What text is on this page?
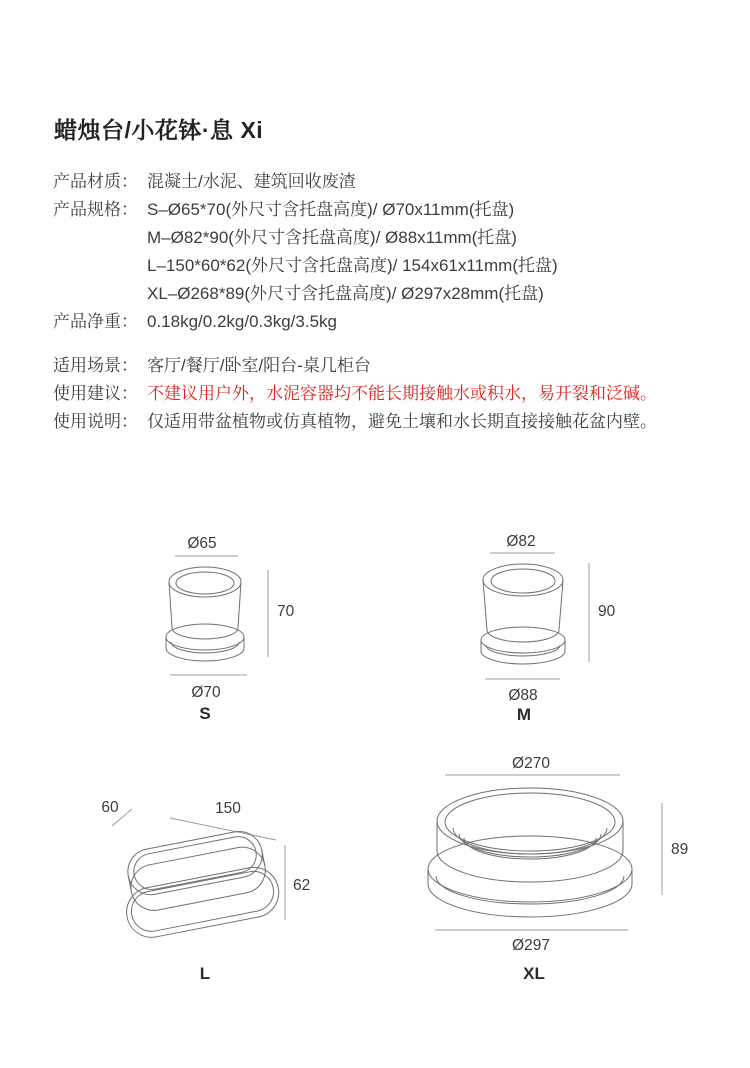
蜡烛台/小花钵·息 Xi
产品材质： 混凝土/水泥、建筑回收废渣
产品规格： S–Ø65*70(外尺寸含托盘高度)/ Ø70x11mm(托盘)
M–Ø82*90(外尺寸含托盘高度)/ Ø88x11mm(托盘)
L–150*60*62(外尺寸含托盘高度)/ 154x61x11mm(托盘)
XL–Ø268*89(外尺寸含托盘高度)/ Ø297x28mm(托盘)
产品净重： 0.18kg/0.2kg/0.3kg/3.5kg
适用场景： 客厅/餐厅/卧室/阳台-桌几柜台
使用建议： 不建议用户外，水泥容器均不能长期接触水或积水，易开裂和泛碱。
使用说明： 仅适用带盆植物或仿真植物，避免土壤和水长期直接接触花盆内壁。
Ø65
70
Ø70
S
Ø82
90
Ø88
M
60	150
62
L
Ø270
89
Ø297
XL
